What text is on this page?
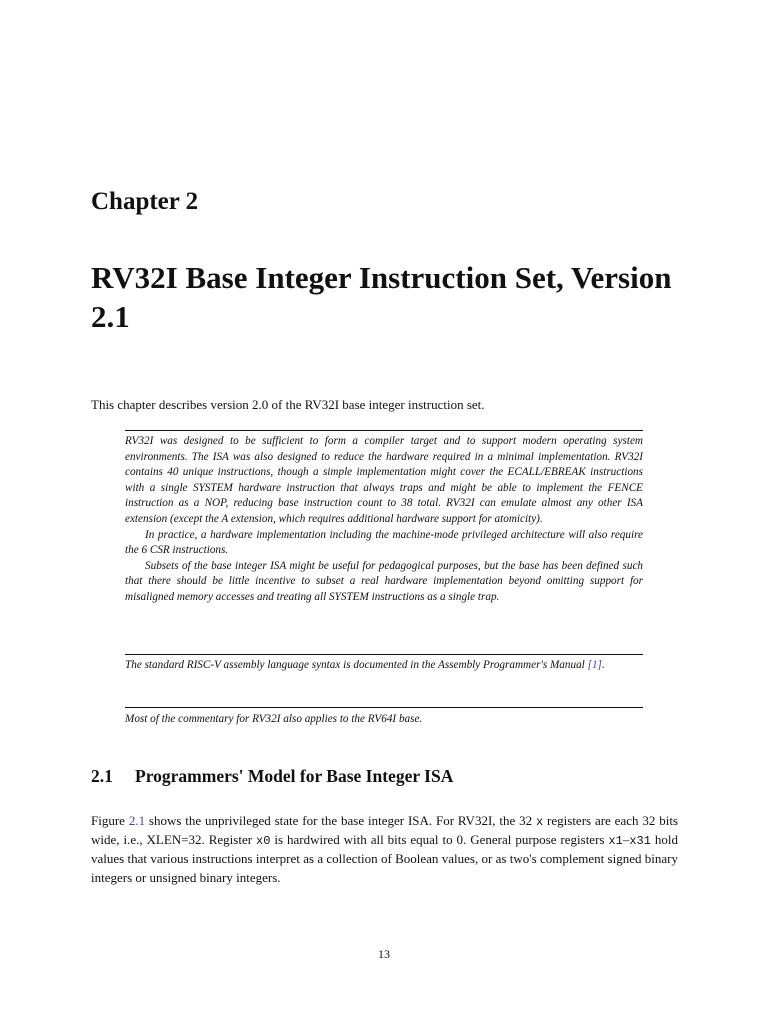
Chapter 2
RV32I Base Integer Instruction Set, Version 2.1
This chapter describes version 2.0 of the RV32I base integer instruction set.

RV32I was designed to be sufficient to form a compiler target and to support modern operating system environments. The ISA was also designed to reduce the hardware required in a minimal implementation. RV32I contains 40 unique instructions, though a simple implementation might cover the ECALL/EBREAK instructions with a single SYSTEM hardware instruction that always traps and might be able to implement the FENCE instruction as a NOP, reducing base instruction count to 38 total. RV32I can emulate almost any other ISA extension (except the A extension, which requires additional hardware support for atomicity).

In practice, a hardware implementation including the machine-mode privileged architecture will also require the 6 CSR instructions.

Subsets of the base integer ISA might be useful for pedagogical purposes, but the base has been defined such that there should be little incentive to subset a real hardware implementation beyond omitting support for misaligned memory accesses and treating all SYSTEM instructions as a single trap.

The standard RISC-V assembly language syntax is documented in the Assembly Programmer's Manual [1].

Most of the commentary for RV32I also applies to the RV64I base.

2.1 Programmers' Model for Base Integer ISA
Figure 2.1 shows the unprivileged state for the base integer ISA. For RV32I, the 32 x registers are each 32 bits wide, i.e., XLEN=32. Register x0 is hardwired with all bits equal to 0. General purpose registers x1–x31 hold values that various instructions interpret as a collection of Boolean values, or as two's complement signed binary integers or unsigned binary integers.
13
